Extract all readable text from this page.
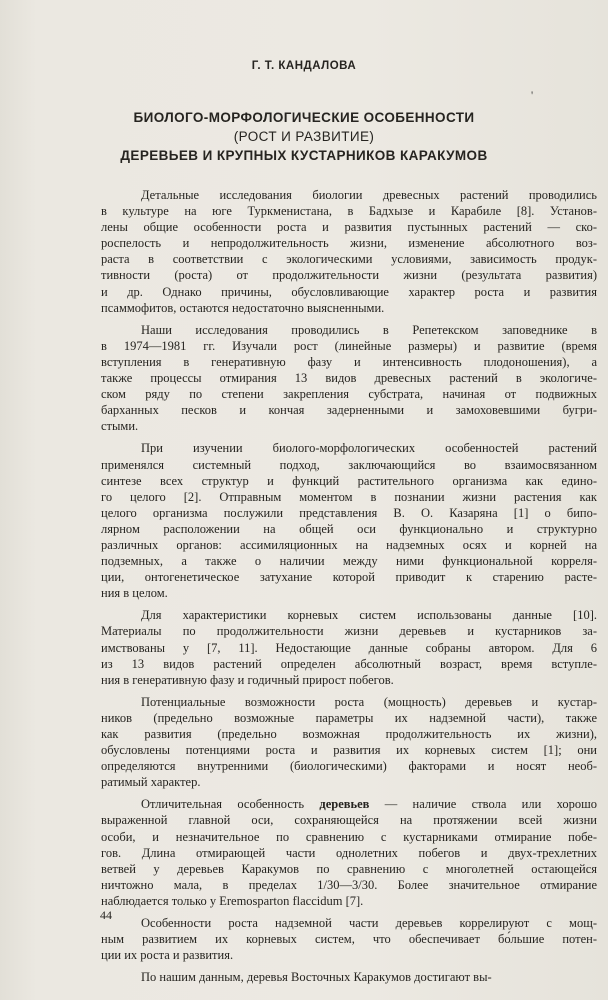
Г. Т. КАНДАЛОВА
'
БИОЛОГО-МОРФОЛОГИЧЕСКИЕ ОСОБЕННОСТИ
(РОСТ И РАЗВИТИЕ)
ДЕРЕВЬЕВ И КРУПНЫХ КУСТАРНИКОВ КАРАКУМОВ
Детальные исследования биологии древесных растений проводились
в культуре на юге Туркменистана, в Бадхызе и Карабиле [8]. Установ-
лены общие особенности роста и развития пустынных растений — ско-
роспелость и непродолжительность жизни, изменение абсолютного воз-
раста в соответствии с экологическими условиями, зависимость продук-
тивности (роста) от продолжительности жизни (результата развития)
и др. Однако причины, обусловливающие характер роста и развития
псаммофитов, остаются недостаточно выясненными.
Наши исследования проводились в Репетекском заповеднике в
в 1974—1981 гг. Изучали рост (линейные размеры) и развитие (время
вступления в генеративную фазу и интенсивность плодоношения), а
также процессы отмирания 13 видов древесных растений в экологиче-
ском ряду по степени закрепления субстрата, начиная от подвижных
барханных песков и кончая задерненными и замоховевшими бугри-
стыми.
При изучении биолого-морфологических особенностей растений
применялся системный подход, заключающийся во взаимосвязанном
синтезе всех структур и функций растительного организма как едино-
го целого [2]. Отправным моментом в познании жизни растения как
целого организма послужили представления В. О. Казаряна [1] о бипо-
лярном расположении на общей оси функционально и структурно
различных органов: ассимиляционных на надземных осях и корней на
подземных, а также о наличии между ними функциональной корреля-
ции, онтогенетическое затухание которой приводит к старению расте-
ния в целом.
Для характеристики корневых систем использованы данные [10].
Материалы по продолжительности жизни деревьев и кустарников за-
имствованы у [7, 11]. Недостающие данные собраны автором. Для 6
из 13 видов растений определен абсолютный возраст, время вступле-
ния в генеративную фазу и годичный прирост побегов.
Потенциальные возможности роста (мощность) деревьев и кустар-
ников (предельно возможные параметры их надземной части), также
как развития (предельно возможная продолжительность их жизни),
обусловлены потенциями роста и развития их корневых систем [1]; они
определяются внутренними (биологическими) факторами и носят необ-
ратимый характер.
Отличительная особенность деревьев — наличие ствола или хорошо
выраженной главной оси, сохраняющейся на протяжении всей жизни
особи, и незначительное по сравнению с кустарниками отмирание побе-
гов. Длина отмирающей части однолетних побегов и двух-трехлетних
ветвей у деревьев Каракумов по сравнению с многолетней остающейся
ничтожно мала, в пределах 1/30—3/30. Более значительное отмирание
наблюдается только у Eremosparton flaccidum [7].
Особенности роста надземной части деревьев коррелируют с мощ-
ным развитием их корневых систем, что обеспечивает бо́льшие потен-
ции их роста и развития.
По нашим данным, деревья Восточных Каракумов достигают вы-
44
